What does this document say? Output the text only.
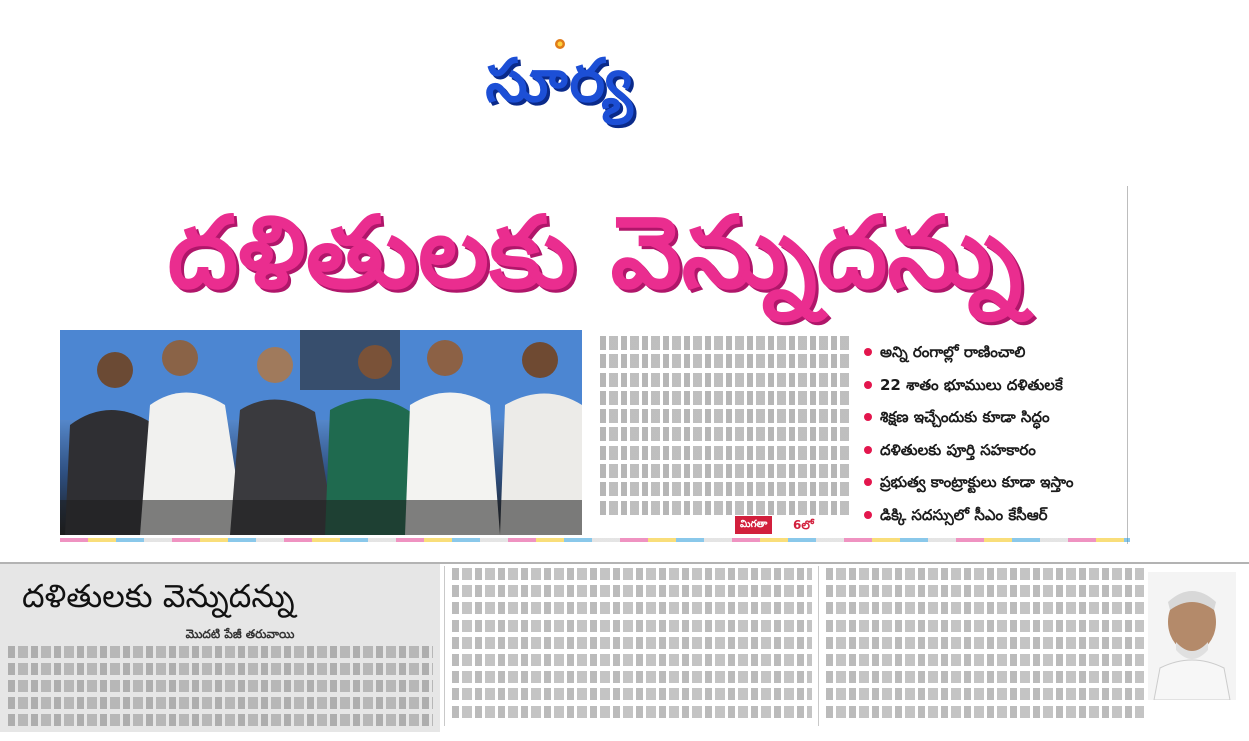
సూర్య
దళితులకు వెన్నుదన్ను
మిగతా	6లో
అన్ని రంగాల్లో రాణించాలి
22 శాతం భూములు దళితులకే
శిక్షణ ఇచ్చేందుకు కూడా సిద్ధం
దళితులకు పూర్తి సహకారం
ప్రభుత్వ కాంట్రాక్టులు కూడా ఇస్తాం
డిక్కి సదస్సులో సీఎం కేసీఆర్
దళితులకు వెన్నుదన్ను
మొదటి పేజీ తరువాయి
